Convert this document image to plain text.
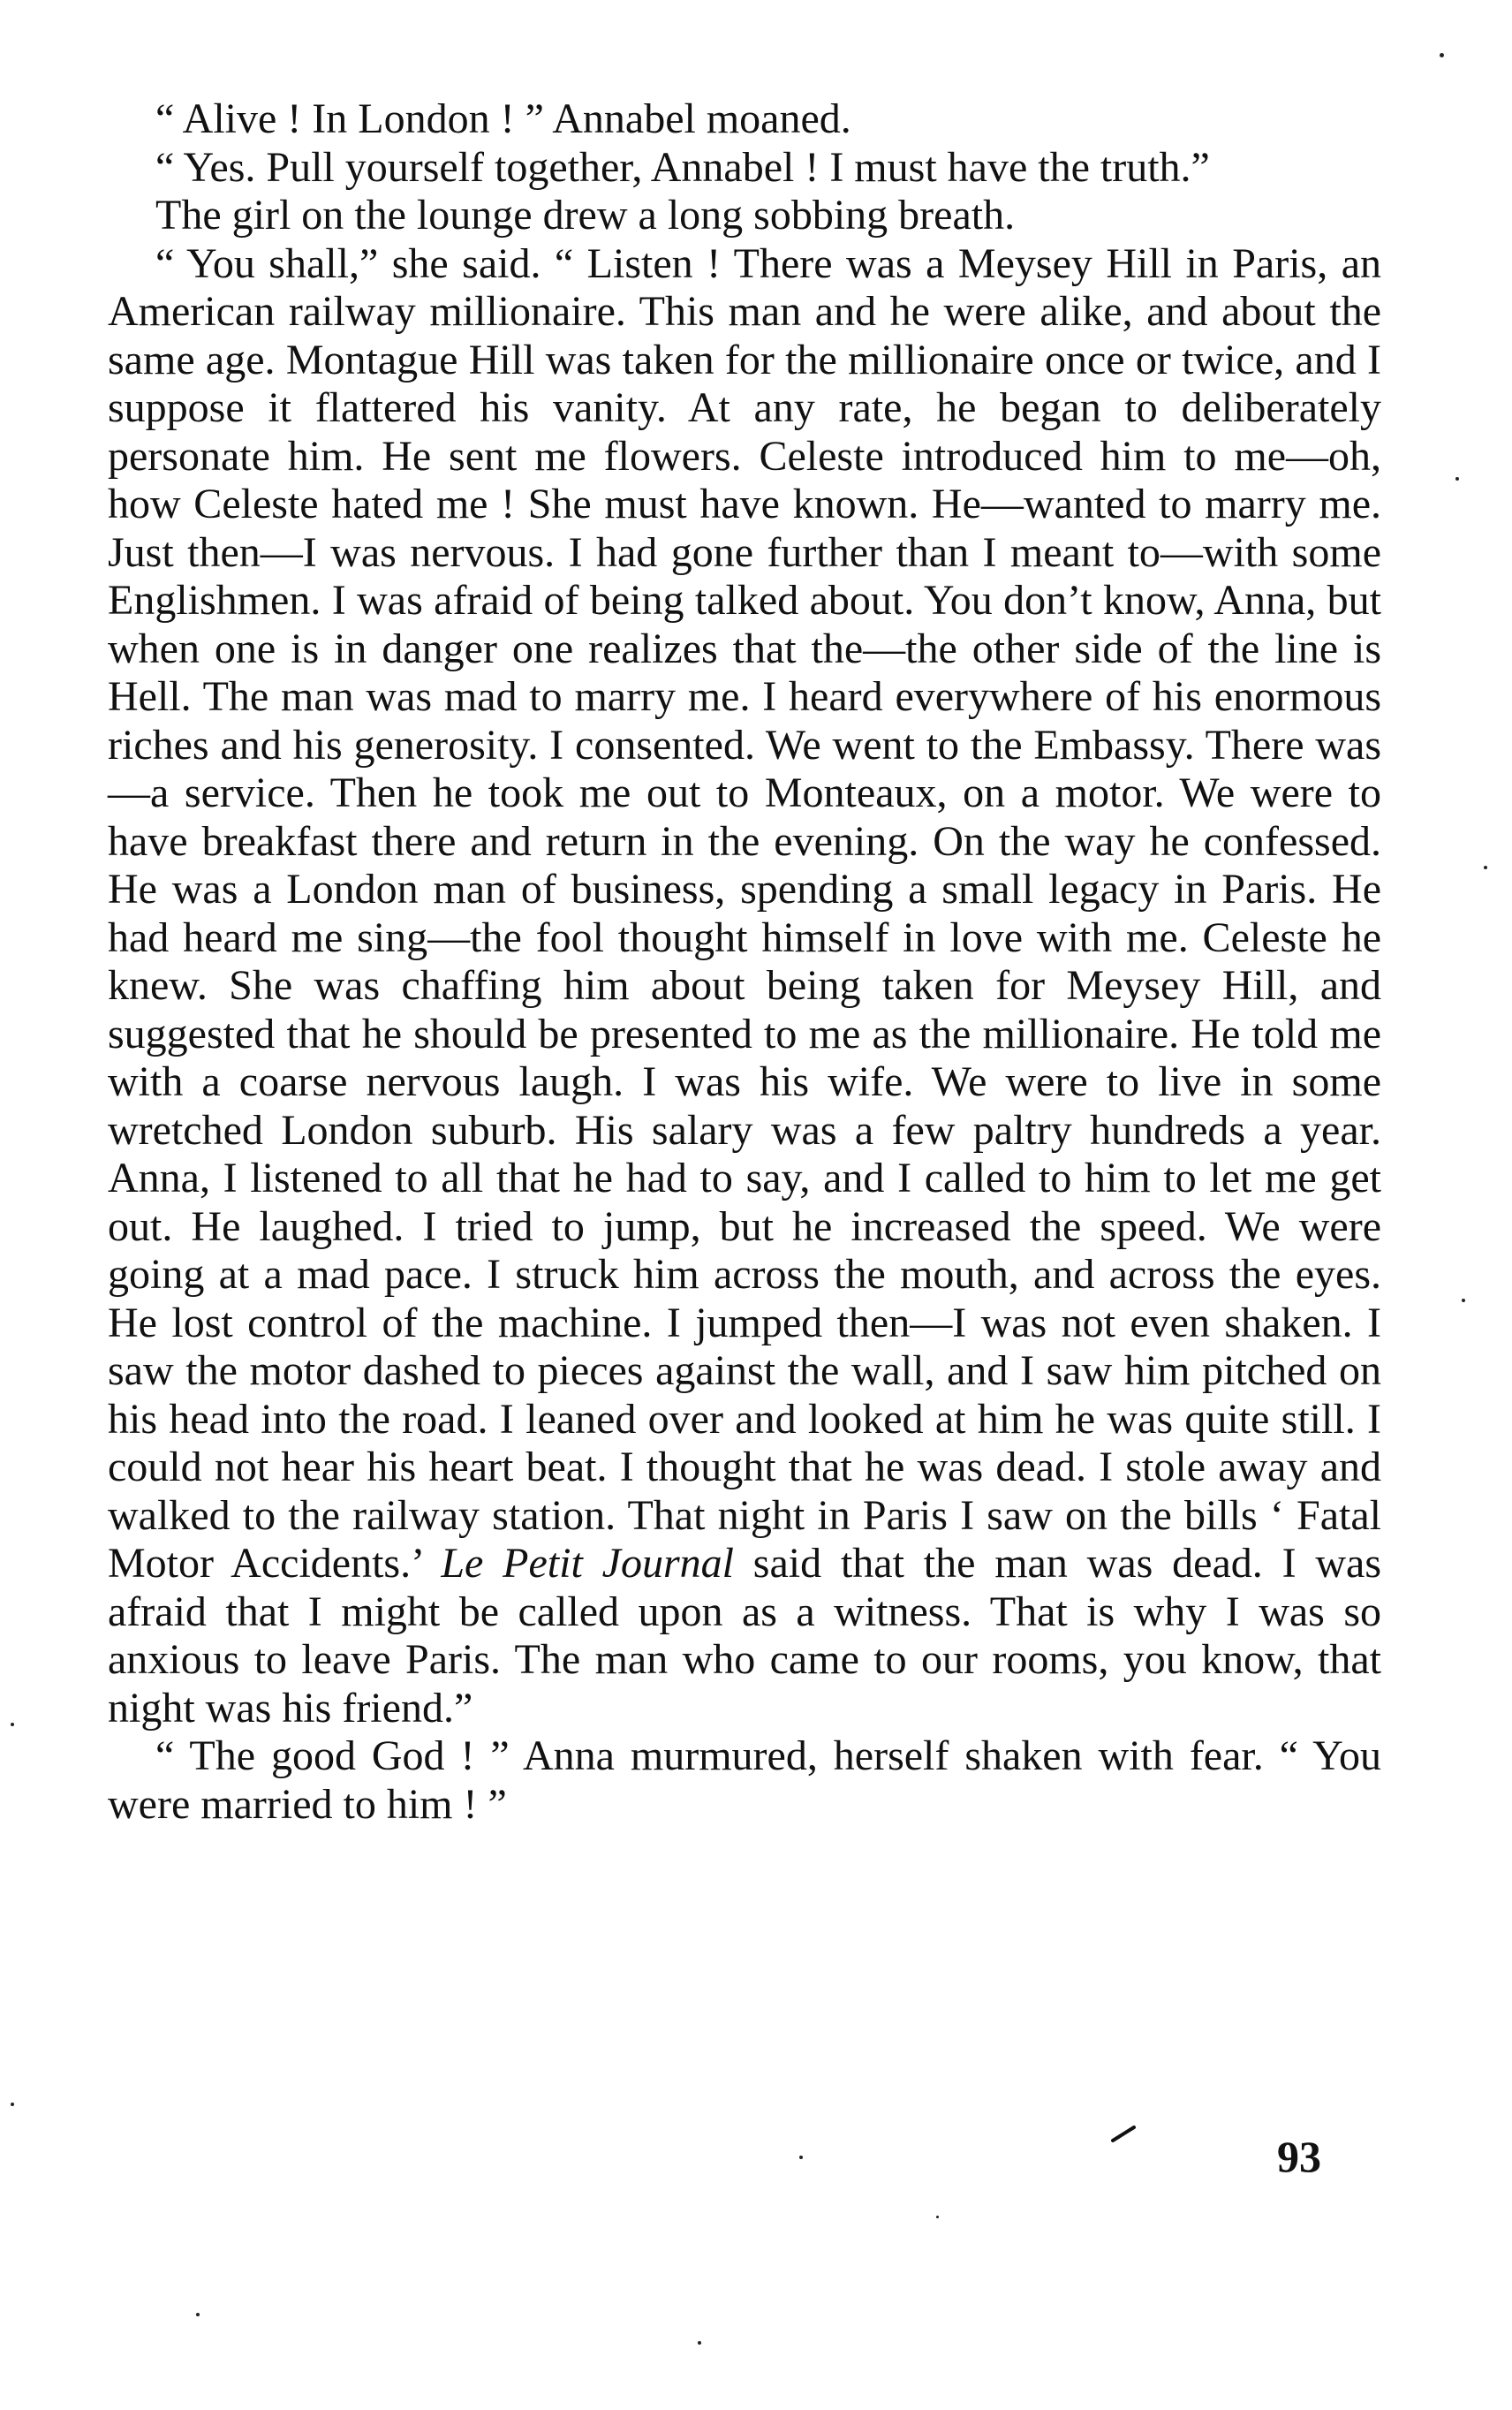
“ Alive ! In London ! ” Annabel moaned.

“ Yes. Pull yourself together, Annabel ! I must have the truth.”

The girl on the lounge drew a long sobbing breath.

“ You shall,” she said. “ Listen ! There was a Meysey Hill in Paris, an American railway millionaire. This man and he were alike, and about the same age. Montague Hill was taken for the millionaire once or twice, and I suppose it flattered his vanity. At any rate, he began to deliberately personate him. He sent me flowers. Celeste introduced him to me—oh, how Celeste hated me ! She must have known. He—wanted to marry me. Just then—I was nervous. I had gone further than I meant to—with some Englishmen. I was afraid of being talked about. You don’t know, Anna, but when one is in danger one realizes that the—the other side of the line is Hell. The man was mad to marry me. I heard everywhere of his enormous riches and his generosity. I consented. We went to the Embassy. There was—a service. Then he took me out to Monteaux, on a motor. We were to have breakfast there and return in the evening. On the way he confessed. He was a London man of business, spending a small legacy in Paris. He had heard me sing—the fool thought himself in love with me. Celeste he knew. She was chaffing him about being taken for Meysey Hill, and suggested that he should be presented to me as the millionaire. He told me with a coarse nervous laugh. I was his wife. We were to live in some wretched London suburb. His salary was a few paltry hundreds a year. Anna, I listened to all that he had to say, and I called to him to let me get out. He laughed. I tried to jump, but he increased the speed. We were going at a mad pace. I struck him across the mouth, and across the eyes. He lost control of the machine. I jumped then—I was not even shaken. I saw the motor dashed to pieces against the wall, and I saw him pitched on his head into the road. I leaned over and looked at him he was quite still. I could not hear his heart beat. I thought that he was dead. I stole away and walked to the railway station. That night in Paris I saw on the bills ‘ Fatal Motor Accidents.’ Le Petit Journal said that the man was dead. I was afraid that I might be called upon as a witness. That is why I was so anxious to leave Paris. The man who came to our rooms, you know, that night was his friend.”

“ The good God ! ” Anna murmured, herself shaken with fear. “ You were married to him ! ”

93
